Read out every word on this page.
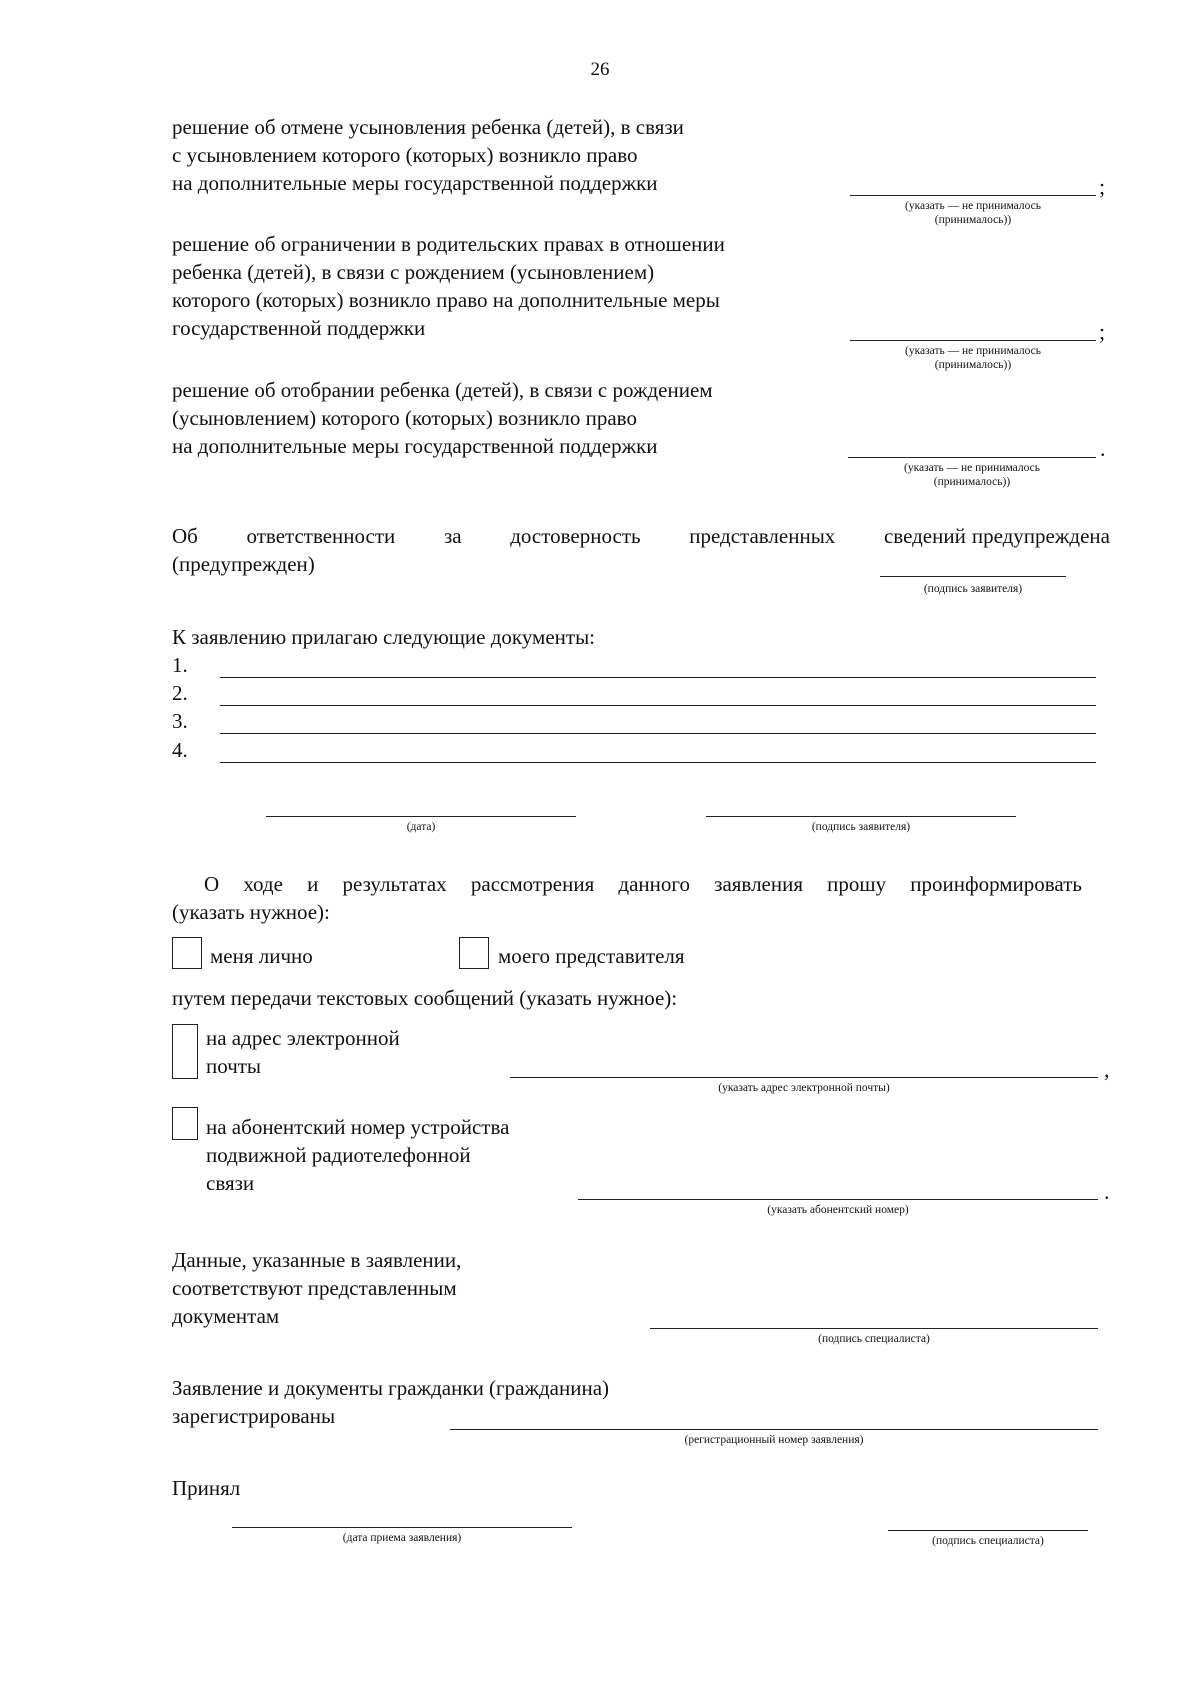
26
решение об отмене усыновления ребенка (детей), в связи
с усыновлением которого (которых) возникло право
на дополнительные меры государственной поддержки	;
(указать — не принималось
(принималось))
решение об ограничении в родительских правах в отношении
ребенка (детей), в связи с рождением (усыновлением)
которого (которых) возникло право на дополнительные меры
государственной поддержки	;
(указать — не принималось
(принималось))
решение об отобрании ребенка (детей), в связи с рождением
(усыновлением) которого (которых) возникло право
на дополнительные меры государственной поддержки	.
(указать — не принималось
(принималось))
Об ответственности за достоверность представленных сведений предупреждена
(предупрежден)
(подпись заявителя)
К заявлению прилагаю следующие документы:
1.
2.
3.
4.
(дата)	(подпись заявителя)
О ходе и результатах рассмотрения данного заявления прошу проинформировать
(указать нужное):
меня лично	моего представителя
путем передачи текстовых сообщений (указать нужное):
на адрес электронной
почты	,
(указать адрес электронной почты)
на абонентский номер устройства
подвижной радиотелефонной
связи	.
(указать абонентский номер)
Данные, указанные в заявлении,
соответствуют представленным
документам
(подпись специалиста)
Заявление и документы гражданки (гражданина)
зарегистрированы
(регистрационный номер заявления)
Принял
(дата приема заявления)	(подпись специалиста)
